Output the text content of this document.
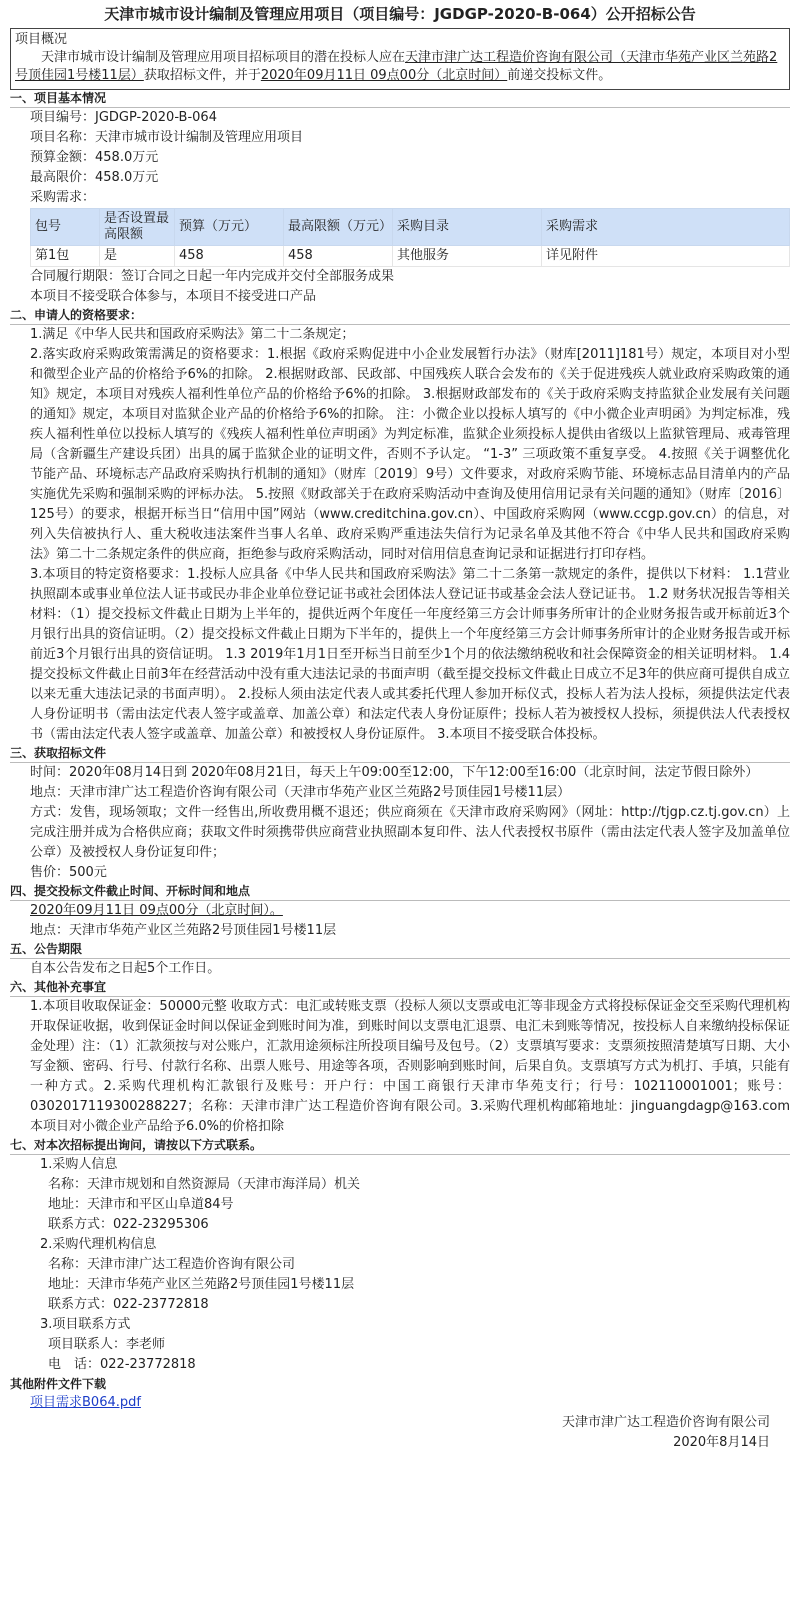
天津市城市设计编制及管理应用项目（项目编号：JGDGP-2020-B-064）公开招标公告
项目概况

天津市城市设计编制及管理应用项目招标项目的潜在投标人应在天津市津广达工程造价咨询有限公司（天津市华苑产业区兰苑路2号顶佳园1号楼11层）获取招标文件，并于2020年09月11日 09点00分（北京时间）前递交投标文件。

一、项目基本情况
项目编号：JGDGP-2020-B-064
项目名称：天津市城市设计编制及管理应用项目
预算金额：458.0万元
最高限价：458.0万元
采购需求：
包号	是否设置最高限额	预算（万元）	最高限额（万元）	采购目录	采购需求
第1包	是	458	458	其他服务	详见附件
合同履行期限：签订合同之日起一年内完成并交付全部服务成果
本项目不接受联合体参与，本项目不接受进口产品
二、申请人的资格要求：
1.满足《中华人民共和国政府采购法》第二十二条规定；
2.落实政府采购政策需满足的资格要求：1.根据《政府采购促进中小企业发展暂行办法》（财库[2011]181号）规定，本项目对小型和微型企业产品的价格给予6%的扣除。 2.根据财政部、民政部、中国残疾人联合会发布的《关于促进残疾人就业政府采购政策的通知》规定，本项目对残疾人福利性单位产品的价格给予6%的扣除。 3.根据财政部发布的《关于政府采购支持监狱企业发展有关问题的通知》规定，本项目对监狱企业产品的价格给予6%的扣除。 注：小微企业以投标人填写的《中小微企业声明函》为判定标准，残疾人福利性单位以投标人填写的《残疾人福利性单位声明函》为判定标准，监狱企业须投标人提供由省级以上监狱管理局、戒毒管理局（含新疆生产建设兵团）出具的属于监狱企业的证明文件，否则不予认定。 “1-3” 三项政策不重复享受。 4.按照《关于调整优化节能产品、环境标志产品政府采购执行机制的通知》（财库〔2019〕9号）文件要求，对政府采购节能、环境标志品目清单内的产品实施优先采购和强制采购的评标办法。 5.按照《财政部关于在政府采购活动中查询及使用信用记录有关问题的通知》（财库〔2016〕125号）的要求，根据开标当日“信用中国”网站（www.creditchina.gov.cn）、中国政府采购网（www.ccgp.gov.cn）的信息，对列入失信被执行人、重大税收违法案件当事人名单、政府采购严重违法失信行为记录名单及其他不符合《中华人民共和国政府采购法》第二十二条规定条件的供应商，拒绝参与政府采购活动，同时对信用信息查询记录和证据进行打印存档。
3.本项目的特定资格要求：1.投标人应具备《中华人民共和国政府采购法》第二十二条第一款规定的条件，提供以下材料： 1.1营业执照副本或事业单位法人证书或民办非企业单位登记证书或社会团体法人登记证书或基金会法人登记证书。 1.2 财务状况报告等相关材料：（1）提交投标文件截止日期为上半年的，提供近两个年度任一年度经第三方会计师事务所审计的企业财务报告或开标前近3个月银行出具的资信证明。（2）提交投标文件截止日期为下半年的，提供上一个年度经第三方会计师事务所审计的企业财务报告或开标前近3个月银行出具的资信证明。 1.3 2019年1月1日至开标当日前至少1个月的依法缴纳税收和社会保障资金的相关证明材料。 1.4 提交投标文件截止日前3年在经营活动中没有重大违法记录的书面声明（截至提交投标文件截止日成立不足3年的供应商可提供自成立以来无重大违法记录的书面声明）。 2.投标人须由法定代表人或其委托代理人参加开标仪式，投标人若为法人投标，须提供法定代表人身份证明书（需由法定代表人签字或盖章、加盖公章）和法定代表人身份证原件；投标人若为被授权人投标，须提供法人代表授权书（需由法定代表人签字或盖章、加盖公章）和被授权人身份证原件。 3.本项目不接受联合体投标。
三、获取招标文件
时间：2020年08月14日到 2020年08月21日，每天上午09:00至12:00，下午12:00至16:00（北京时间，法定节假日除外）
地点：天津市津广达工程造价咨询有限公司（天津市华苑产业区兰苑路2号顶佳园1号楼11层）
方式：发售，现场领取；文件一经售出,所收费用概不退还；供应商须在《天津市政府采购网》（网址：http://tjgp.cz.tj.gov.cn）上完成注册并成为合格供应商；获取文件时须携带供应商营业执照副本复印件、法人代表授权书原件（需由法定代表人签字及加盖单位公章）及被授权人身份证复印件；
售价：500元
四、提交投标文件截止时间、开标时间和地点
2020年09月11日 09点00分（北京时间）。
地点：天津市华苑产业区兰苑路2号顶佳园1号楼11层
五、公告期限
自本公告发布之日起5个工作日。
六、其他补充事宜
1.本项目收取保证金：50000元整 收取方式：电汇或转账支票（投标人须以支票或电汇等非现金方式将投标保证金交至采购代理机构开取保证收据，收到保证金时间以保证金到账时间为准，到账时间以支票电汇退票、电汇未到账等情况，按投标人自来缴纳投标保证金处理）注：（1）汇款须按与对公账户，汇款用途须标注所投项目编号及包号。（2）支票填写要求：支票须按照清楚填写日期、大小写金额、密码、行号、付款行名称、出票人账号、用途等各项，否则影响到账时间，后果自负。支票填写方式为机打、手填，只能有一种方式。2.采购代理机构汇款银行及账号：开户行：中国工商银行天津市华苑支行；行号：102110001001；账号：0302017119300288227；名称：天津市津广达工程造价咨询有限公司。3.采购代理机构邮箱地址：jinguangdagp@163.com 本项目对小微企业产品给予6.0%的价格扣除
七、对本次招标提出询问，请按以下方式联系。
1.采购人信息
名称：天津市规划和自然资源局（天津市海洋局）机关
地址：天津市和平区山阜道84号
联系方式：022-23295306
2.采购代理机构信息
名称：天津市津广达工程造价咨询有限公司
地址：天津市华苑产业区兰苑路2号顶佳园1号楼11层
联系方式：022-23772818
3.项目联系方式
项目联系人：李老师
电　话：022-23772818
其他附件文件下载
项目需求B064.pdf
天津市津广达工程造价咨询有限公司
2020年8月14日
